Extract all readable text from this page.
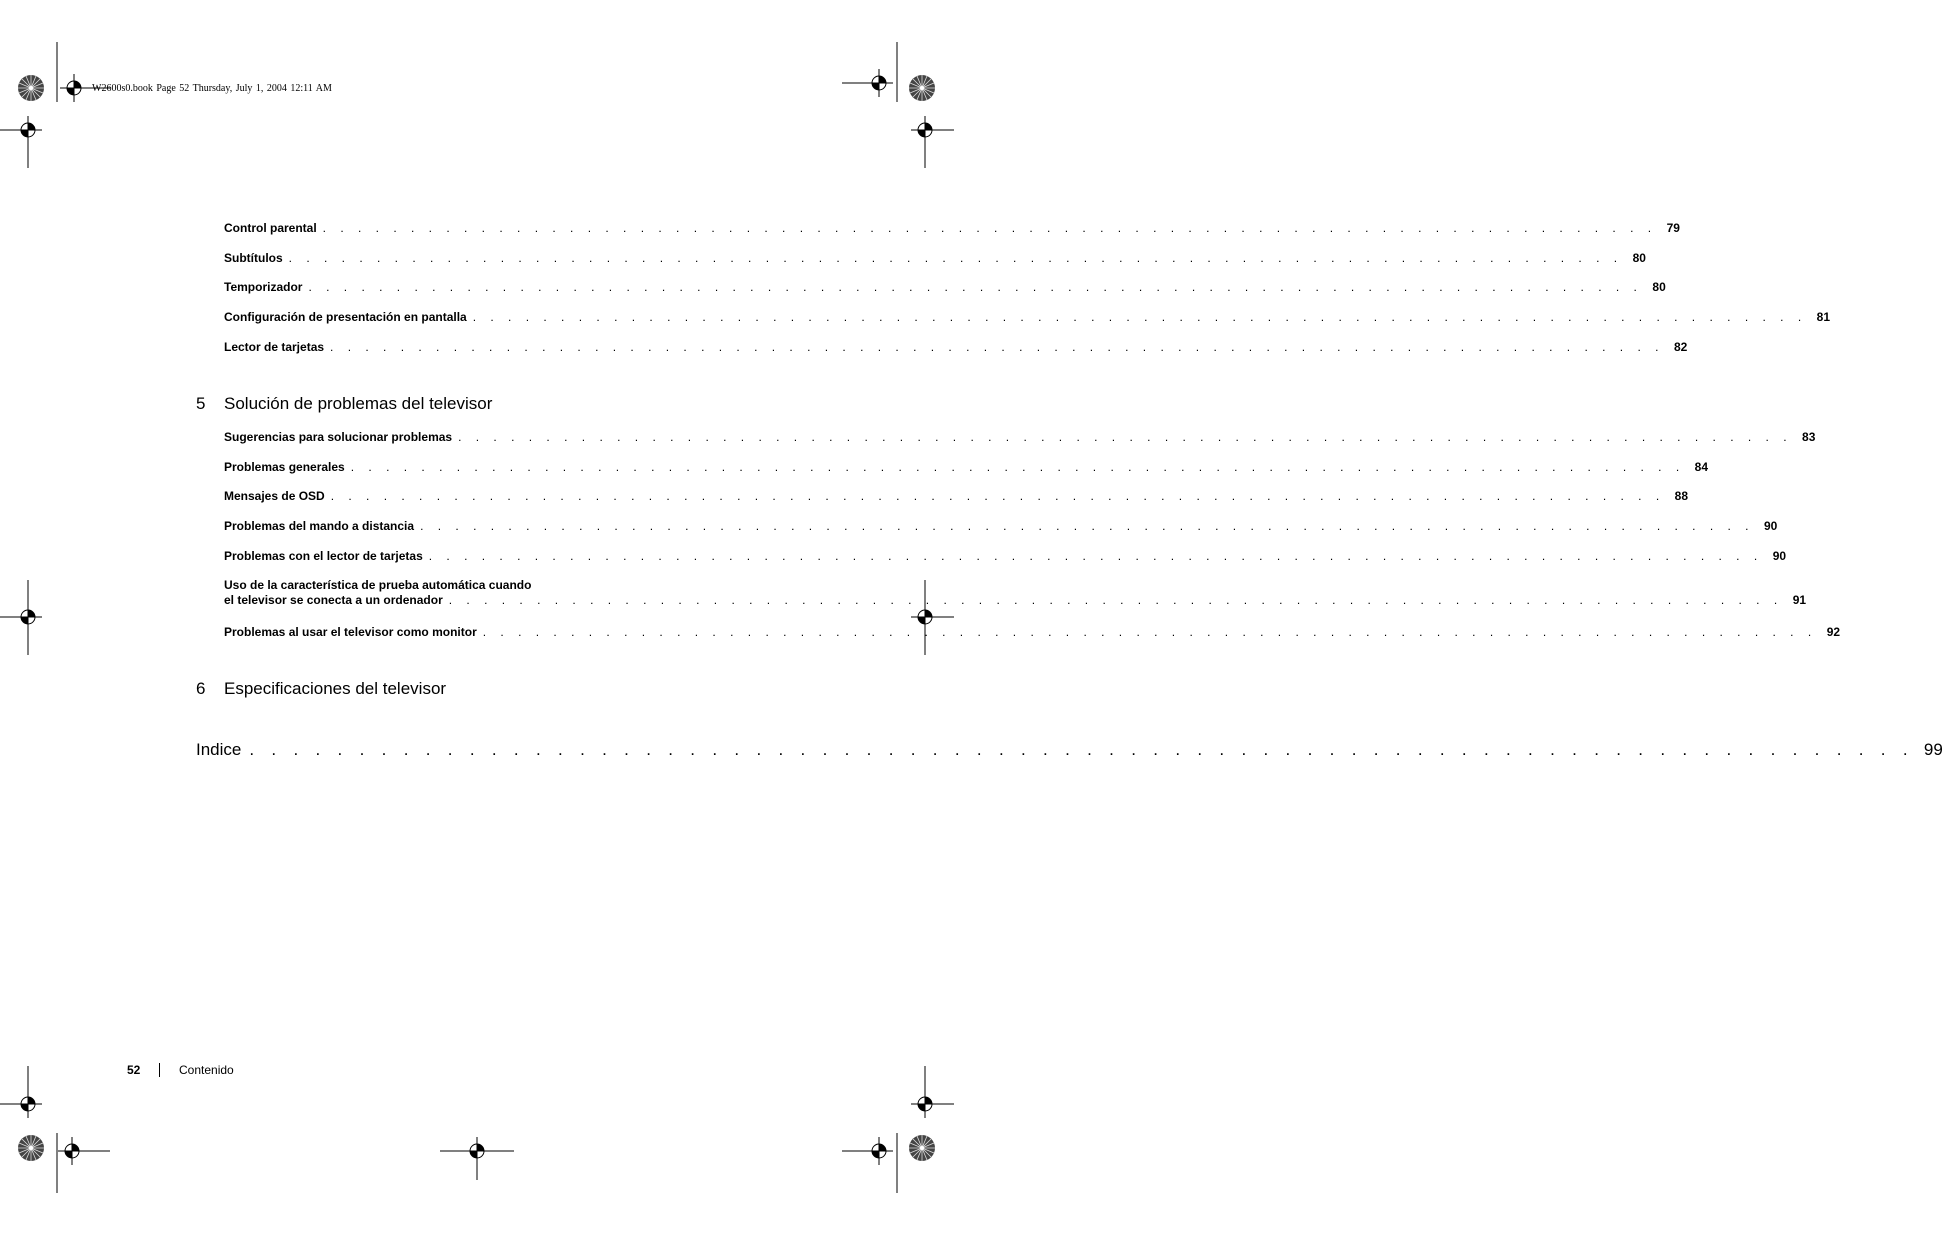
W2600s0.book Page 52 Thursday, July 1, 2004 12:11 AM
Control parental . . . . . . . . . . . . . . . . . . . . . . . . . . . . . . . . . . . . . . . . . . . . . . . . . . . . . . . . . . . . . . . . . . . . . . . . . . . . 79
Subtítulos . . . . . . . . . . . . . . . . . . . . . . . . . . . . . . . . . . . . . . . . . . . . . . . . . . . . . . . . . . . . . . . . . . . . . . . . . . . . 80
Temporizador . . . . . . . . . . . . . . . . . . . . . . . . . . . . . . . . . . . . . . . . . . . . . . . . . . . . . . . . . . . . . . . . . . . . . . . . . . . . 80
Configuración de presentación en pantalla . . . . . . . . . . . . . . . . . . . . . . . . . . . . . . . . . . . . . . . . . . . . . . . . . . . . . . . . . . . . . . . . . . . . . . . . . . . . 81
Lector de tarjetas . . . . . . . . . . . . . . . . . . . . . . . . . . . . . . . . . . . . . . . . . . . . . . . . . . . . . . . . . . . . . . . . . . . . . . . . . . . . 82
5 Solución de problemas del televisor
Sugerencias para solucionar problemas . . . . . . . . . . . . . . . . . . . . . . . . . . . . . . . . . . . . . . . . . . . . . . . . . . . . . . . . . . . . . . . . . . . . . . . . . . . . 83
Problemas generales . . . . . . . . . . . . . . . . . . . . . . . . . . . . . . . . . . . . . . . . . . . . . . . . . . . . . . . . . . . . . . . . . . . . . . . . . . . . 84
Mensajes de OSD . . . . . . . . . . . . . . . . . . . . . . . . . . . . . . . . . . . . . . . . . . . . . . . . . . . . . . . . . . . . . . . . . . . . . . . . . . . . 88
Problemas del mando a distancia . . . . . . . . . . . . . . . . . . . . . . . . . . . . . . . . . . . . . . . . . . . . . . . . . . . . . . . . . . . . . . . . . . . . . . . . . . . . 90
Problemas con el lector de tarjetas . . . . . . . . . . . . . . . . . . . . . . . . . . . . . . . . . . . . . . . . . . . . . . . . . . . . . . . . . . . . . . . . . . . . . . . . . . . . 90
Uso de la característica de prueba automática cuando
el televisor se conecta a un ordenador . . . . . . . . . . . . . . . . . . . . . . . . . . . . . . . . . . . . . . . . . . . . . . . . . . . . . . . . . . . . . . . . . . . . . . . . . . . . 91
Problemas al usar el televisor como monitor . . . . . . . . . . . . . . . . . . . . . . . . . . . . . . . . . . . . . . . . . . . . . . . . . . . . . . . . . . . . . . . . . . . . . . . . . . . . 92
6 Especificaciones del televisor
Indice . . . . . . . . . . . . . . . . . . . . . . . . . . . . . . . . . . . . . . . . . . . . . . . . . . . . . . . . . . . . . . . . . . . . . . . . . . . . 99
52	Contenido
